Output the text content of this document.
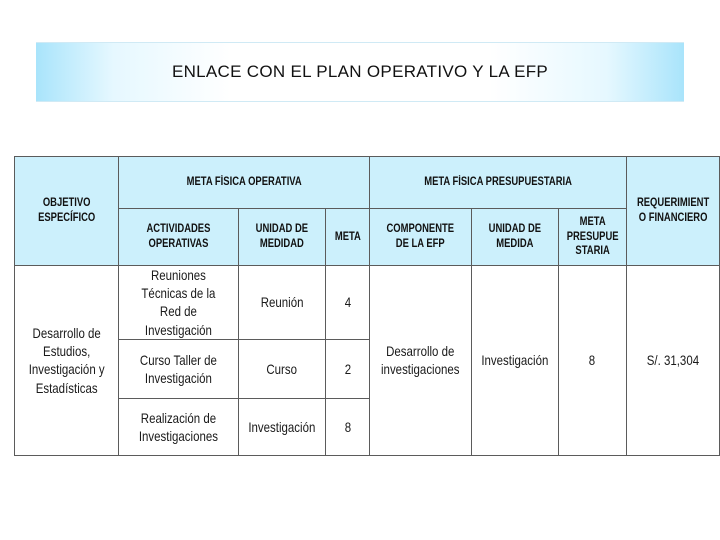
ENLACE CON EL PLAN OPERATIVO Y LA EFP
OBJETIVO ESPECÍFICO	META FÍSICA OPERATIVA			META FÍSICA PRESUPUESTARIA			REQUERIMIENT O FINANCIERO
	ACTIVIDADES OPERATIVAS	UNIDAD DE MEDIDAD	META	COMPONENTE DE LA EFP	UNIDAD DE MEDIDA	META PRESUPUE STARIA	
Desarrollo de Estudios, Investigación y Estadísticas	Reuniones Técnicas de la Red de Investigación	Reunión	4	Desarrollo de investigaciones	Investigación	8	S/. 31,304
	Curso Taller de Investigación	Curso	2				
	Realización de Investigaciones	Investigación	8				
